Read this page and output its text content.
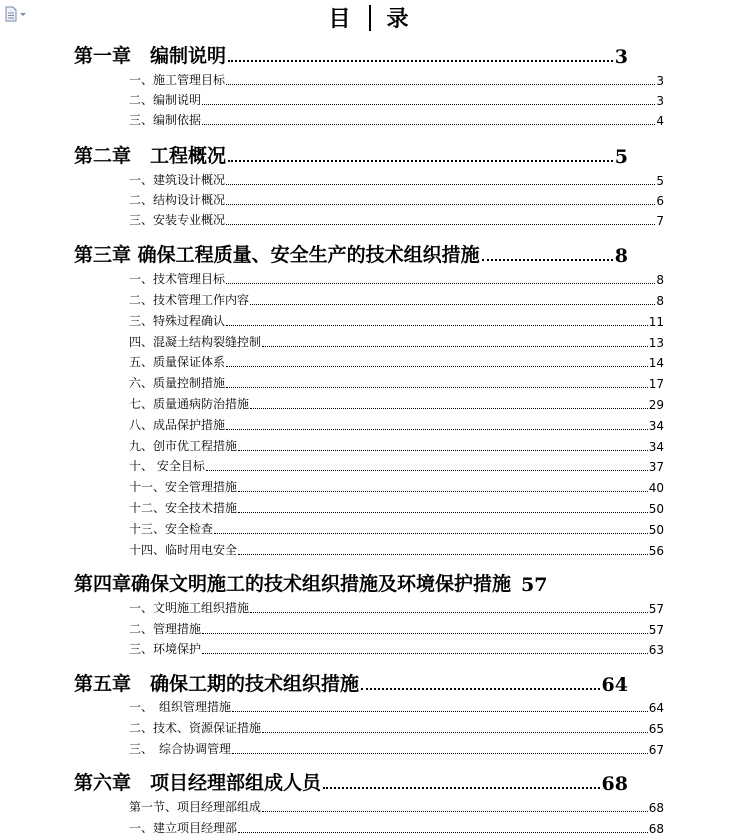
目 录
第一章　编制说明	3
一、施工管理目标	3
二、编制说明	3
三、编制依据	4
第二章　工程概况	5
一、建筑设计概况	5
二、结构设计概况	6
三、安装专业概况	7
第三章 确保工程质量、安全生产的技术组织措施	8
一、技术管理目标	8
二、技术管理工作内容	8
三、特殊过程确认	11
四、混凝土结构裂缝控制	13
五、质量保证体系	14
六、质量控制措施	17
七、质量通病防治措施	29
八、成品保护措施	34
九、创市优工程措施	34
十、 安全目标	37
十一、安全管理措施	40
十二、安全技术措施	50
十三、安全检查	50
十四、临时用电安全	56
第四章确保文明施工的技术组织措施及环境保护措施 57
一、文明施工组织措施	57
二、管理措施	57
三、环境保护	63
第五章　确保工期的技术组织措施	64
一、　组织管理措施	64
二、技术、资源保证措施	65
三、　综合协调管理	67
第六章　项目经理部组成人员	68
第一节、项目经理部组成	68
一、建立项目经理部	68
